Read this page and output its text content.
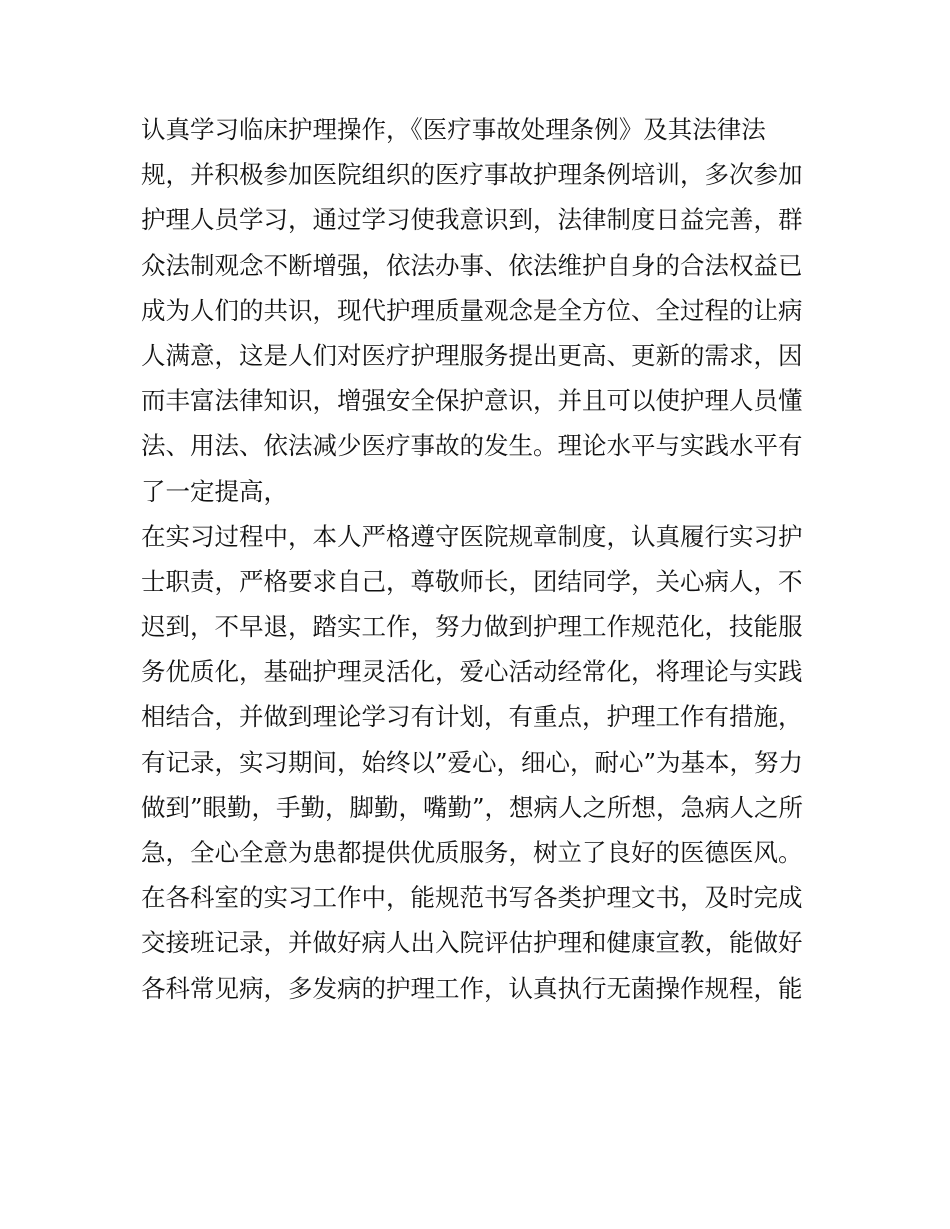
认真学习临床护理操作，《医疗事故处理条例》及其法律法
规，并积极参加医院组织的医疗事故护理条例培训，多次参加
护理人员学习，通过学习使我意识到，法律制度日益完善，群
众法制观念不断增强，依法办事、依法维护自身的合法权益已
成为人们的共识，现代护理质量观念是全方位、全过程的让病
人满意，这是人们对医疗护理服务提出更高、更新的需求，因
而丰富法律知识，增强安全保护意识，并且可以使护理人员懂
法、用法、依法减少医疗事故的发生。理论水平与实践水平有
了一定提高，
在实习过程中，本人严格遵守医院规章制度，认真履行实习护
士职责，严格要求自己，尊敬师长，团结同学，关心病人，不
迟到，不早退，踏实工作，努力做到护理工作规范化，技能服
务优质化，基础护理灵活化，爱心活动经常化，将理论与实践
相结合，并做到理论学习有计划，有重点，护理工作有措施，
有记录，实习期间，始终以”爱心，细心，耐心”为基本，努力
做到”眼勤，手勤，脚勤，嘴勤”，想病人之所想，急病人之所
急，全心全意为患都提供优质服务，树立了良好的医德医风。
在各科室的实习工作中，能规范书写各类护理文书，及时完成
交接班记录，并做好病人出入院评估护理和健康宣教，能做好
各科常见病，多发病的护理工作，认真执行无菌操作规程，能
